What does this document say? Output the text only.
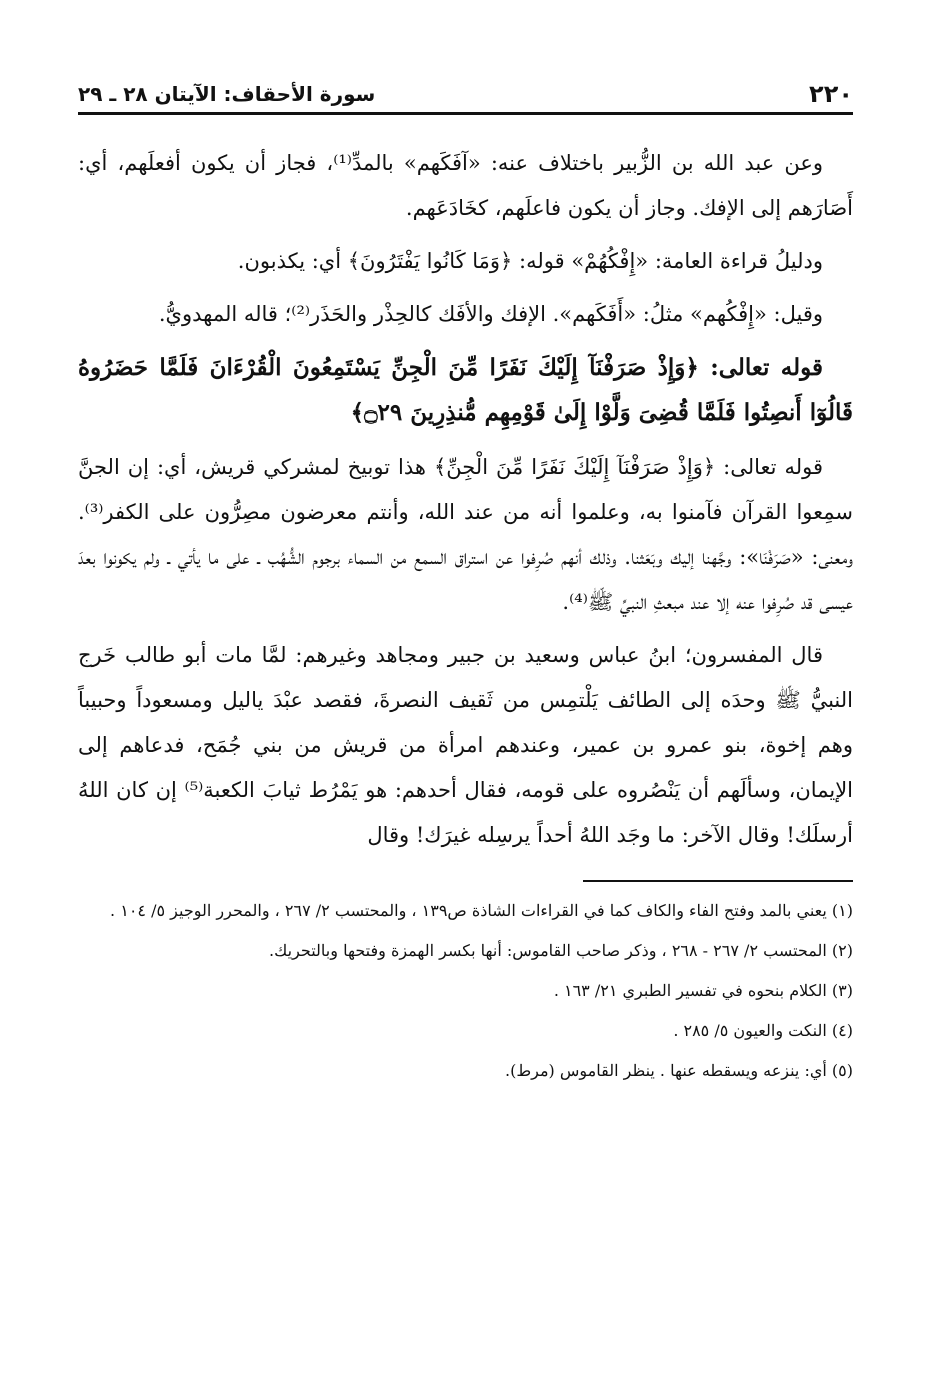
٢٢٠
سورة الأحقاف: الآيتان ٢٨ ـ ٢٩

وعن عبد الله بن الزُّبير باختلاف عنه: «آفَكَهم» بالمدِّ⁽¹⁾، فجاز أن يكون أفعلَهم، أي: أَصَارَهم إلى الإفك. وجاز أن يكون فاعلَهم، كخَادَعَهم.

ودليلُ قراءة العامة: «إِفْكُهُمْ» قوله: ﴿وَمَا كَانُوا يَفْتَرُونَ﴾ أي: يكذبون.

وقيل: «إِفْكُهم» مثلُ: «أَفَكَهم». الإفك والأفَك كالحِذْر والحَذَر⁽²⁾؛ قاله المهدويُّ.

قوله تعالى: ﴿وَإِذْ صَرَفْنَآ إِلَيْكَ نَفَرًا مِّنَ الْجِنِّ يَسْتَمِعُونَ الْقُرْءَانَ فَلَمَّا حَضَرُوهُ قَالُوٓا أَنصِتُوا فَلَمَّا قُضِىَ وَلَّوْا إِلَىٰ قَوْمِهِم مُّنذِرِينَ ۝٢٩﴾

قوله تعالى: ﴿وَإِذْ صَرَفْنَآ إِلَيْكَ نَفَرًا مِّنَ الْجِنِّ﴾ هذا توبيخ لمشركي قريش، أي: إن الجنَّ سمِعوا القرآن فآمنوا به، وعلموا أنه من عند الله، وأنتم معرضون مصِرُّون على الكفر⁽³⁾. ومعنى: «صَرَفْنَا»: وجَّهنا إليك وبَعَثنا. وذلك أنهم صُرِفوا عن استراق السمع من السماء برجوم الشُّهُب ـ على ما يأتي ـ ولم يكونوا بعدَ عيسى قد صُرِفوا عنه إلا عند مبعثِ النبيِّ ﷺ⁽⁴⁾.

قال المفسرون؛ ابنُ عباس وسعيد بن جبير ومجاهد وغيرهم: لمَّا مات أبو طالب خَرج النبيُّ ﷺ وحدَه إلى الطائف يَلْتمِس من ثَقيف النصرةَ، فقصد عبْدَ ياليل ومسعوداً وحبيباً وهم إخوة، بنو عمرو بن عمير، وعندهم امرأة من قريش من بني جُمَح، فدعاهم إلى الإيمان، وسألَهم أن يَنْصُروه على قومه، فقال أحدهم: هو يَمْرُط ثيابَ الكعبة⁽⁵⁾ إن كان اللهُ أرسلَك! وقال الآخر: ما وجَد اللهُ أحداً يرسِله غيرَك! وقال

(١) يعني بالمد وفتح الفاء والكاف كما في القراءات الشاذة ص١٣٩ ، والمحتسب ٢/ ٢٦٧ ، والمحرر الوجيز ٥/ ١٠٤ .

(٢) المحتسب ٢/ ٢٦٧ - ٢٦٨ ، وذكر صاحب القاموس: أنها بكسر الهمزة وفتحها وبالتحريك.

(٣) الكلام بنحوه في تفسير الطبري ٢١/ ١٦٣ .

(٤) النكت والعيون ٥/ ٢٨٥ .

(٥) أي: ينزعه ويسقطه عنها . ينظر القاموس (مرط).
